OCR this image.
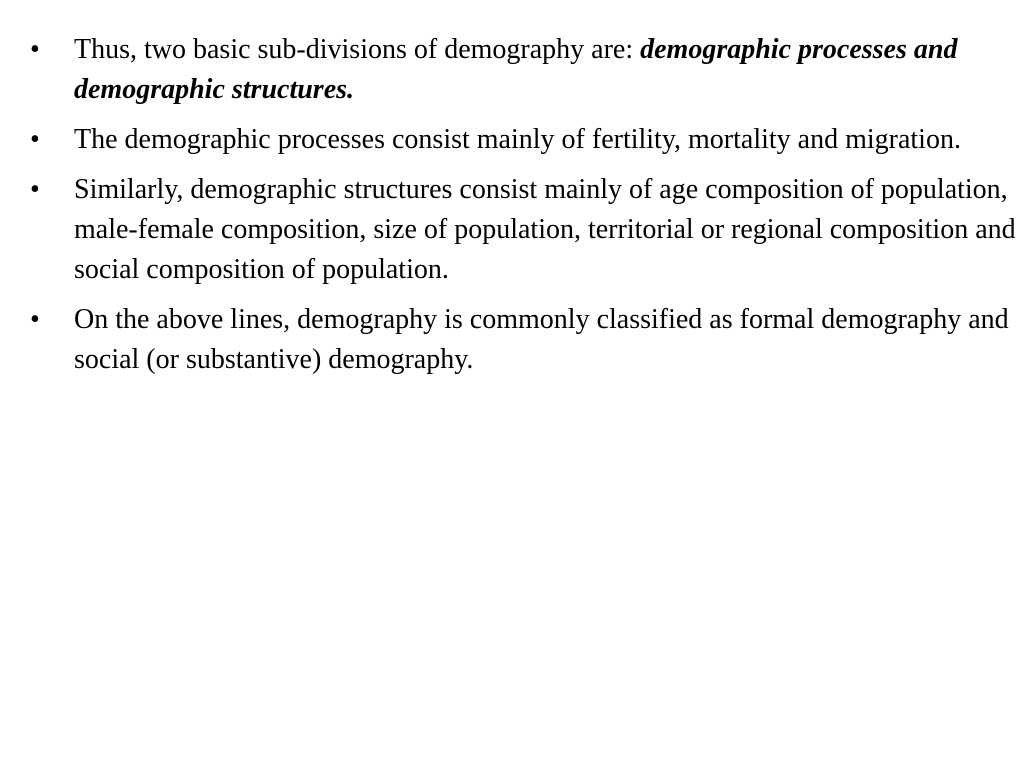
•	Thus, two basic sub-divisions of demography are: demographic processes and demographic structures.
•	The demographic processes consist mainly of fertility, mortality and migration.
•	Similarly, demographic structures consist mainly of age composition of population, male-female composition, size of population, territorial or regional composition and social composition of population.
•	On the above lines, demography is commonly classified as formal demography and social (or substantive) demography.
